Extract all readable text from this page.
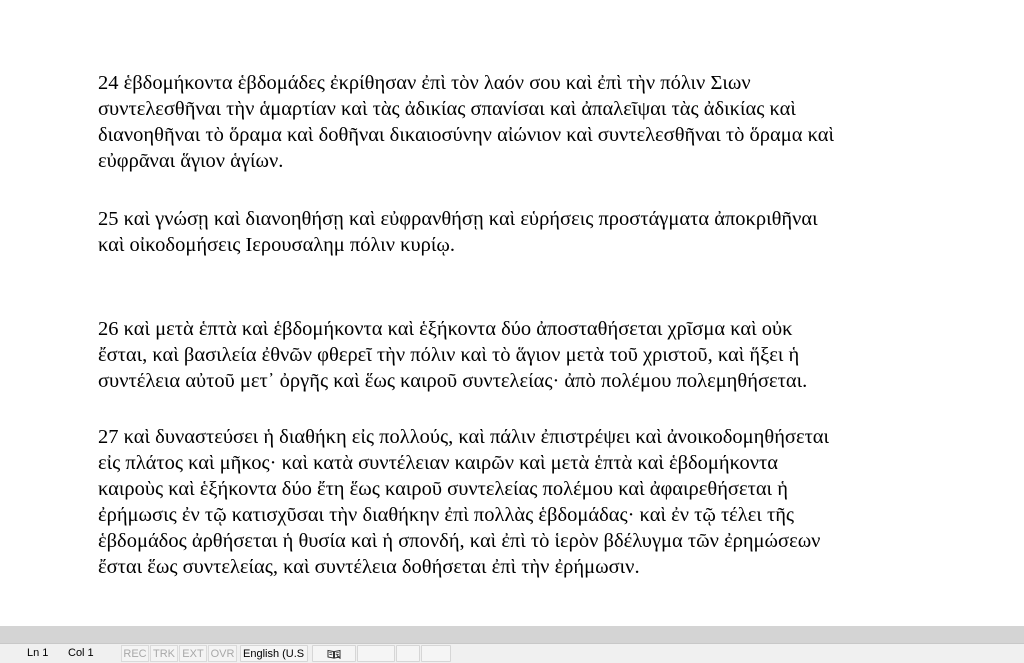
24 ἑβδομήκοντα ἑβδομάδες ἐκρίθησαν ἐπὶ τὸν λαόν σου καὶ ἐπὶ τὴν πόλιν Σιων
συντελεσθῆναι τὴν ἁμαρτίαν καὶ τὰς ἀδικίας σπανίσαι καὶ ἀπαλεῖψαι τὰς ἀδικίας καὶ
διανοηθῆναι τὸ ὅραμα καὶ δοθῆναι δικαιοσύνην αἰώνιον καὶ συντελεσθῆναι τὸ ὅραμα καὶ
εὐφρᾶναι ἅγιον ἁγίων.

25 καὶ γνώσῃ καὶ διανοηθήσῃ καὶ εὐφρανθήσῃ καὶ εὑρήσεις προστάγματα ἀποκριθῆναι
καὶ οἰκοδομήσεις Ιερουσαλημ πόλιν κυρίῳ.

26 καὶ μετὰ ἑπτὰ καὶ ἑβδομήκοντα καὶ ἑξήκοντα δύο ἀποσταθήσεται χρῖσμα καὶ οὐκ
ἔσται, καὶ βασιλεία ἐθνῶν φθερεῖ τὴν πόλιν καὶ τὸ ἅγιον μετὰ τοῦ χριστοῦ, καὶ ἥξει ἡ
συντέλεια αὐτοῦ μετ᾽ ὀργῆς καὶ ἕως καιροῦ συντελείας· ἀπὸ πολέμου πολεμηθήσεται.

27 καὶ δυναστεύσει ἡ διαθήκη εἰς πολλούς, καὶ πάλιν ἐπιστρέψει καὶ ἀνοικοδομηθήσεται
εἰς πλάτος καὶ μῆκος· καὶ κατὰ συντέλειαν καιρῶν καὶ μετὰ ἑπτὰ καὶ ἑβδομήκοντα
καιροὺς καὶ ἑξήκοντα δύο ἔτη ἕως καιροῦ συντελείας πολέμου καὶ ἀφαιρεθήσεται ἡ
ἐρήμωσις ἐν τῷ κατισχῦσαι τὴν διαθήκην ἐπὶ πολλὰς ἑβδομάδας· καὶ ἐν τῷ τέλει τῆς
ἑβδομάδος ἀρθήσεται ἡ θυσία καὶ ἡ σπονδή, καὶ ἐπὶ τὸ ἱερὸν βδέλυγμα τῶν ἐρημώσεων
ἔσται ἕως συντελείας, καὶ συντέλεια δοθήσεται ἐπὶ τὴν ἐρήμωσιν.

Ln 1 Col 1	REC TRK EXT OVR English (U.S
